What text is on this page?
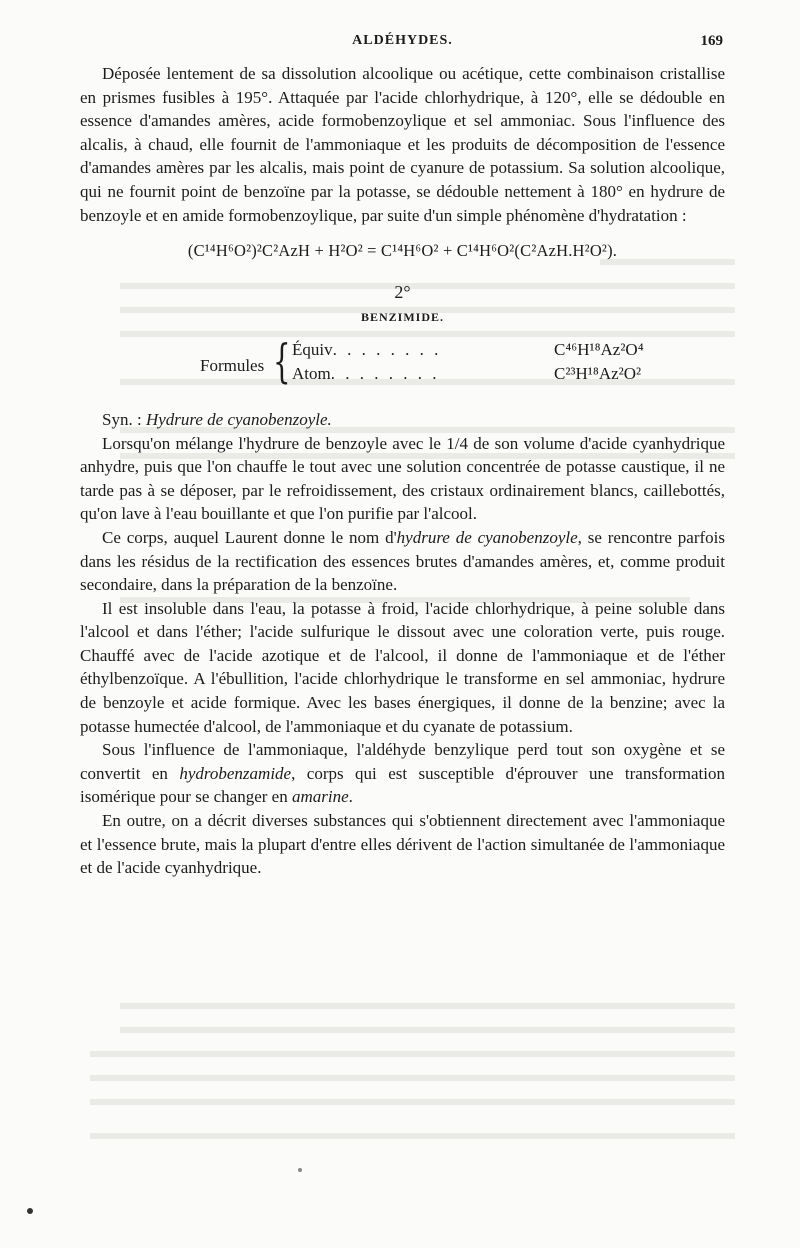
ALDÉHYDES.	169

Déposée lentement de sa dissolution alcoolique ou acétique, cette combinaison cristallise en prismes fusibles à 195°. Attaquée par l'acide chlorhydrique, à 120°, elle se dédouble en essence d'amandes amères, acide formobenzoylique et sel ammoniac. Sous l'influence des alcalis, à chaud, elle fournit de l'ammoniaque et les produits de décomposition de l'essence d'amandes amères par les alcalis, mais point de cyanure de potassium. Sa solution alcoolique, qui ne fournit point de benzoïne par la potasse, se dédouble nettement à 180° en hydrure de benzoyle et en amide formobenzoylique, par suite d'un simple phénomène d'hydratation :

(C¹⁴H⁶O²)²C²AzH + H²O² = C¹⁴H⁶O² + C¹⁴H⁶O²(C²AzH.H²O²).
2°
BENZIMIDE.
Formules { Équiv. . . . . . . .	C⁴⁶H¹⁸Az²O⁴
Atom. . . . . . . .	C²³H¹⁸Az²O²

Syn. : Hydrure de cyanobenzoyle.

Lorsqu'on mélange l'hydrure de benzoyle avec le 1/4 de son volume d'acide cyanhydrique anhydre, puis que l'on chauffe le tout avec une solution concentrée de potasse caustique, il ne tarde pas à se déposer, par le refroidissement, des cristaux ordinairement blancs, caillebottés, qu'on lave à l'eau bouillante et que l'on purifie par l'alcool.

Ce corps, auquel Laurent donne le nom d'hydrure de cyanobenzoyle, se rencontre parfois dans les résidus de la rectification des essences brutes d'amandes amères, et, comme produit secondaire, dans la préparation de la benzoïne.

Il est insoluble dans l'eau, la potasse à froid, l'acide chlorhydrique, à peine soluble dans l'alcool et dans l'éther; l'acide sulfurique le dissout avec une coloration verte, puis rouge. Chauffé avec de l'acide azotique et de l'alcool, il donne de l'ammoniaque et de l'éther éthylbenzoïque. A l'ébullition, l'acide chlorhydrique le transforme en sel ammoniac, hydrure de benzoyle et acide formique. Avec les bases énergiques, il donne de la benzine; avec la potasse humectée d'alcool, de l'ammoniaque et du cyanate de potassium.

Sous l'influence de l'ammoniaque, l'aldéhyde benzylique perd tout son oxygène et se convertit en hydrobenzamide, corps qui est susceptible d'éprouver une transformation isomérique pour se changer en amarine.

En outre, on a décrit diverses substances qui s'obtiennent directement avec l'ammoniaque et l'essence brute, mais la plupart d'entre elles dérivent de l'action simultanée de l'ammoniaque et de l'acide cyanhydrique.
